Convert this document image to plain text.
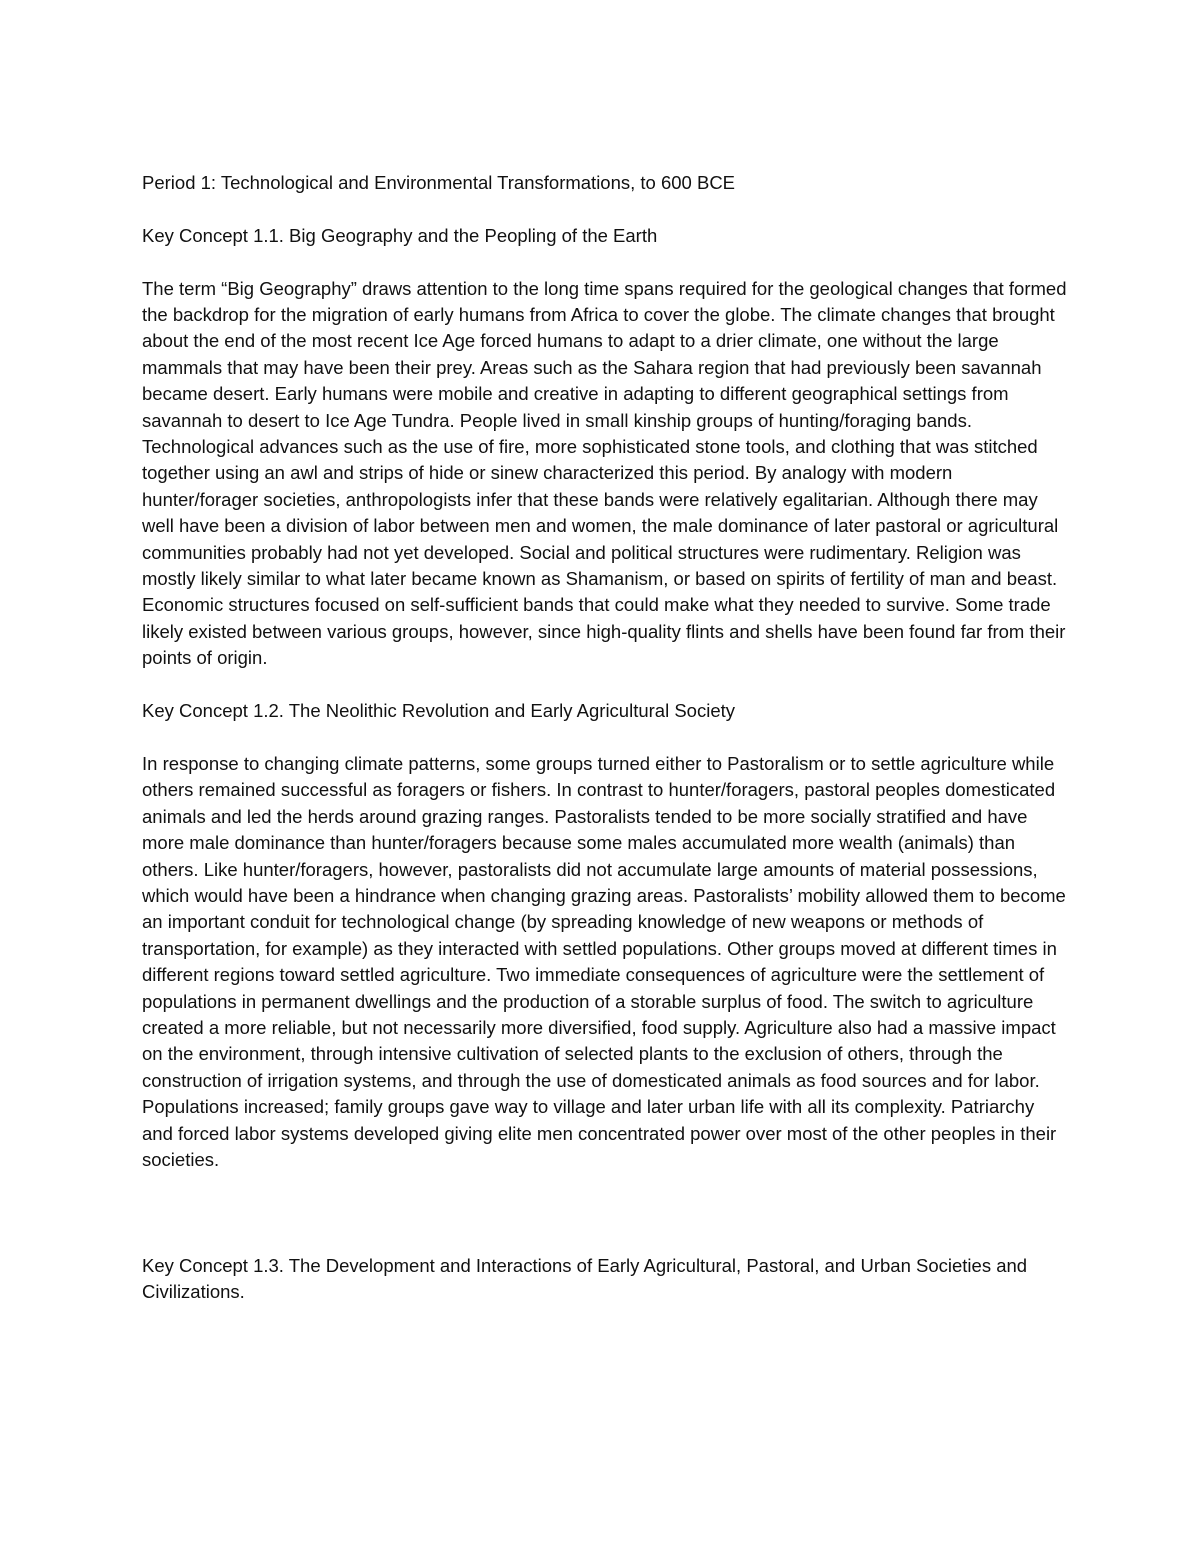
Period 1: Technological and Environmental Transformations, to 600 BCE

Key Concept 1.1. Big Geography and the Peopling of the Earth

The term “Big Geography” draws attention to the long time spans required for the geological changes that formed the backdrop for the migration of early humans from Africa to cover the globe. The climate changes that brought about the end of the most recent Ice Age forced humans to adapt to a drier climate, one without the large mammals that may have been their prey. Areas such as the Sahara region that had previously been savannah became desert. Early humans were mobile and creative in adapting to different geographical settings from savannah to desert to Ice Age Tundra. People lived in small kinship groups of hunting/foraging bands. Technological advances such as the use of fire, more sophisticated stone tools, and clothing that was stitched together using an awl and strips of hide or sinew characterized this period. By analogy with modern hunter/forager societies, anthropologists infer that these bands were relatively egalitarian. Although there may well have been a division of labor between men and women, the male dominance of later pastoral or agricultural communities probably had not yet developed. Social and political structures were rudimentary. Religion was mostly likely similar to what later became known as Shamanism, or based on spirits of fertility of man and beast. Economic structures focused on self-sufficient bands that could make what they needed to survive. Some trade likely existed between various groups, however, since high-quality flints and shells have been found far from their points of origin.

Key Concept 1.2. The Neolithic Revolution and Early Agricultural Society

In response to changing climate patterns, some groups turned either to Pastoralism or to settle agriculture while others remained successful as foragers or fishers. In contrast to hunter/foragers, pastoral peoples domesticated animals and led the herds around grazing ranges. Pastoralists tended to be more socially stratified and have more male dominance than hunter/foragers because some males accumulated more wealth (animals) than others. Like hunter/foragers, however, pastoralists did not accumulate large amounts of material possessions, which would have been a hindrance when changing grazing areas. Pastoralists’ mobility allowed them to become an important conduit for technological change (by spreading knowledge of new weapons or methods of transportation, for example) as they interacted with settled populations. Other groups moved at different times in different regions toward settled agriculture. Two immediate consequences of agriculture were the settlement of populations in permanent dwellings and the production of a storable surplus of food. The switch to agriculture created a more reliable, but not necessarily more diversified, food supply. Agriculture also had a massive impact on the environment, through intensive cultivation of selected plants to the exclusion of others, through the construction of irrigation systems, and through the use of domesticated animals as food sources and for labor. Populations increased; family groups gave way to village and later urban life with all its complexity. Patriarchy and forced labor systems developed giving elite men concentrated power over most of the other peoples in their societies.

Key Concept 1.3. The Development and Interactions of Early Agricultural, Pastoral, and Urban Societies and Civilizations.
